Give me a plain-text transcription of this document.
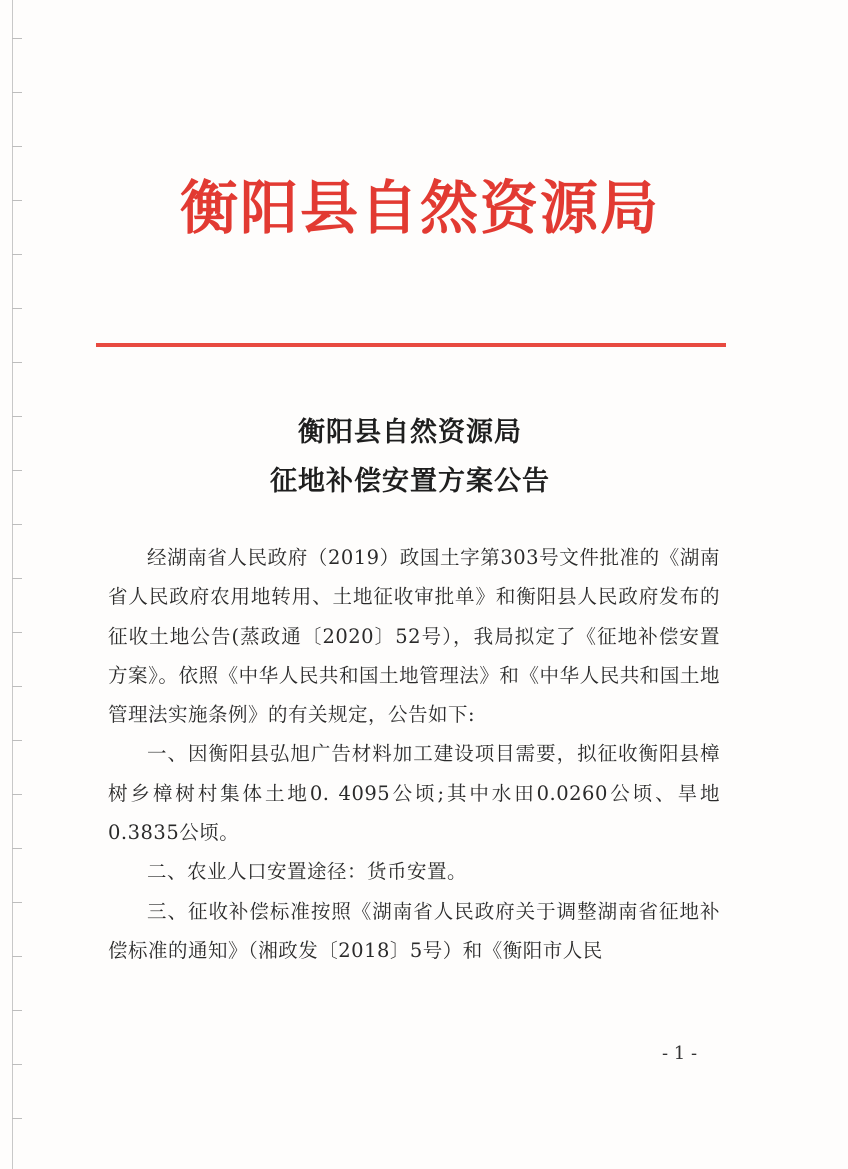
衡阳县自然资源局
衡阳县自然资源局
征地补偿安置方案公告

经湖南省人民政府（2019）政国土字第303号文件批准的《湖南省人民政府农用地转用、土地征收审批单》和衡阳县人民政府发布的征收土地公告(蒸政通〔2020〕52号），我局拟定了《征地补偿安置方案》。依照《中华人民共和国土地管理法》和《中华人民共和国土地管理法实施条例》的有关规定，公告如下:

一、因衡阳县弘旭广告材料加工建设项目需要，拟征收衡阳县樟树乡樟树村集体土地0. 4095公顷;其中水田0.0260公顷、旱地0.3835公顷。

二、农业人口安置途径：货币安置。

三、征收补偿标准按照《湖南省人民政府关于调整湖南省征地补偿标准的通知》（湘政发〔2018〕5号）和《衡阳市人民

- 1 -
